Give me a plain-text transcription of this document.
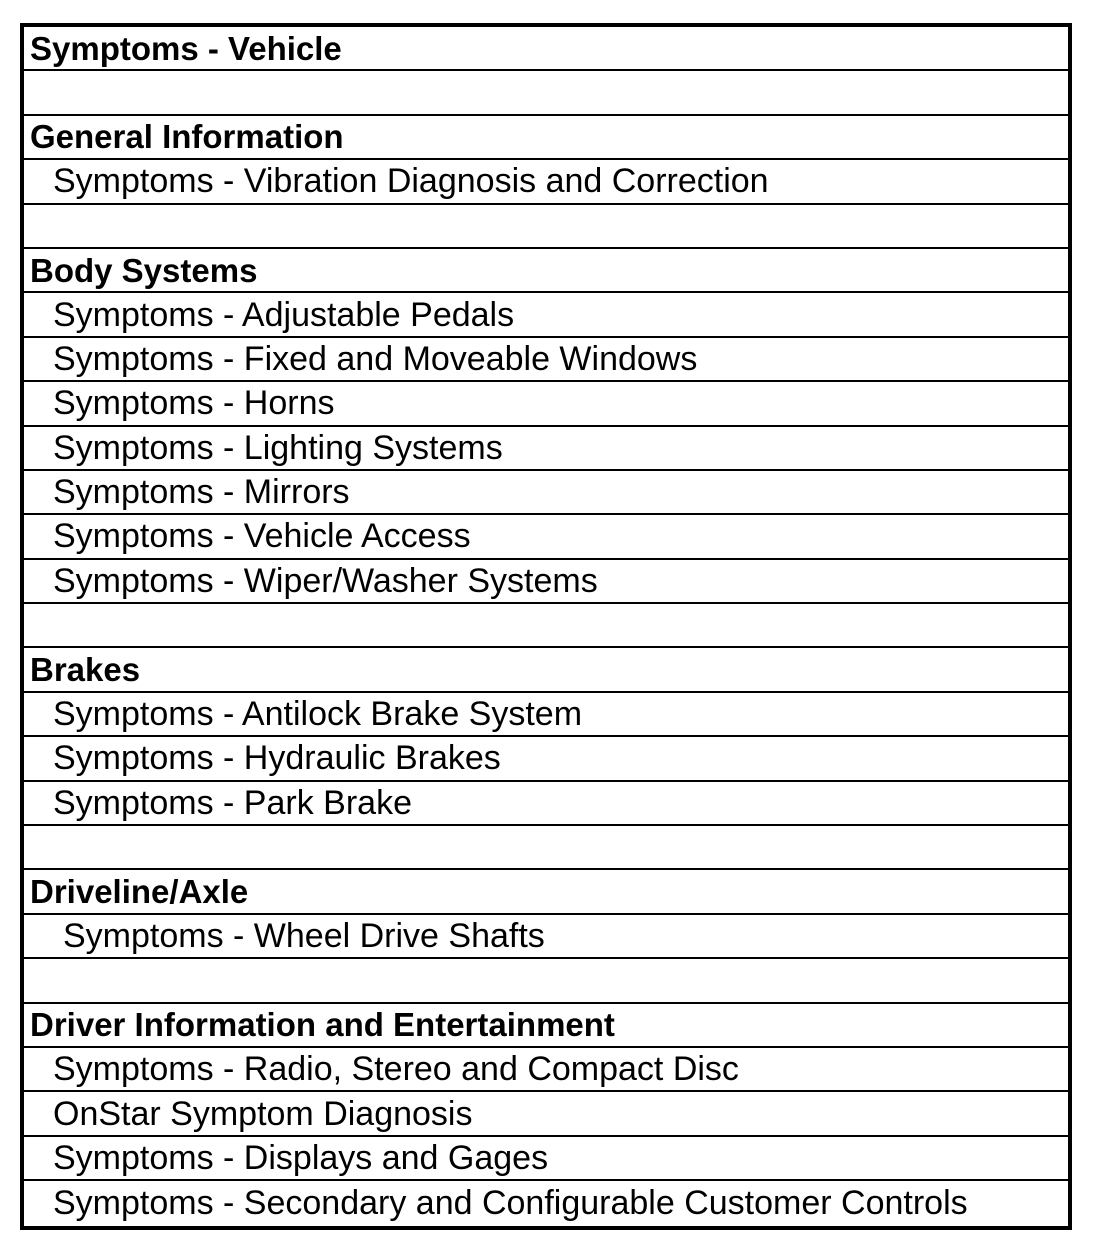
Symptoms - Vehicle
General Information
Symptoms - Vibration Diagnosis and Correction
Body Systems
Symptoms - Adjustable Pedals
Symptoms - Fixed and Moveable Windows
Symptoms - Horns
Symptoms - Lighting Systems
Symptoms - Mirrors
Symptoms - Vehicle Access
Symptoms - Wiper/Washer Systems
Brakes
Symptoms - Antilock Brake System
Symptoms - Hydraulic Brakes
Symptoms - Park Brake
Driveline/Axle
Symptoms - Wheel Drive Shafts
Driver Information and Entertainment
Symptoms - Radio, Stereo and Compact Disc
OnStar Symptom Diagnosis
Symptoms - Displays and Gages
Symptoms - Secondary and Configurable Customer Controls
